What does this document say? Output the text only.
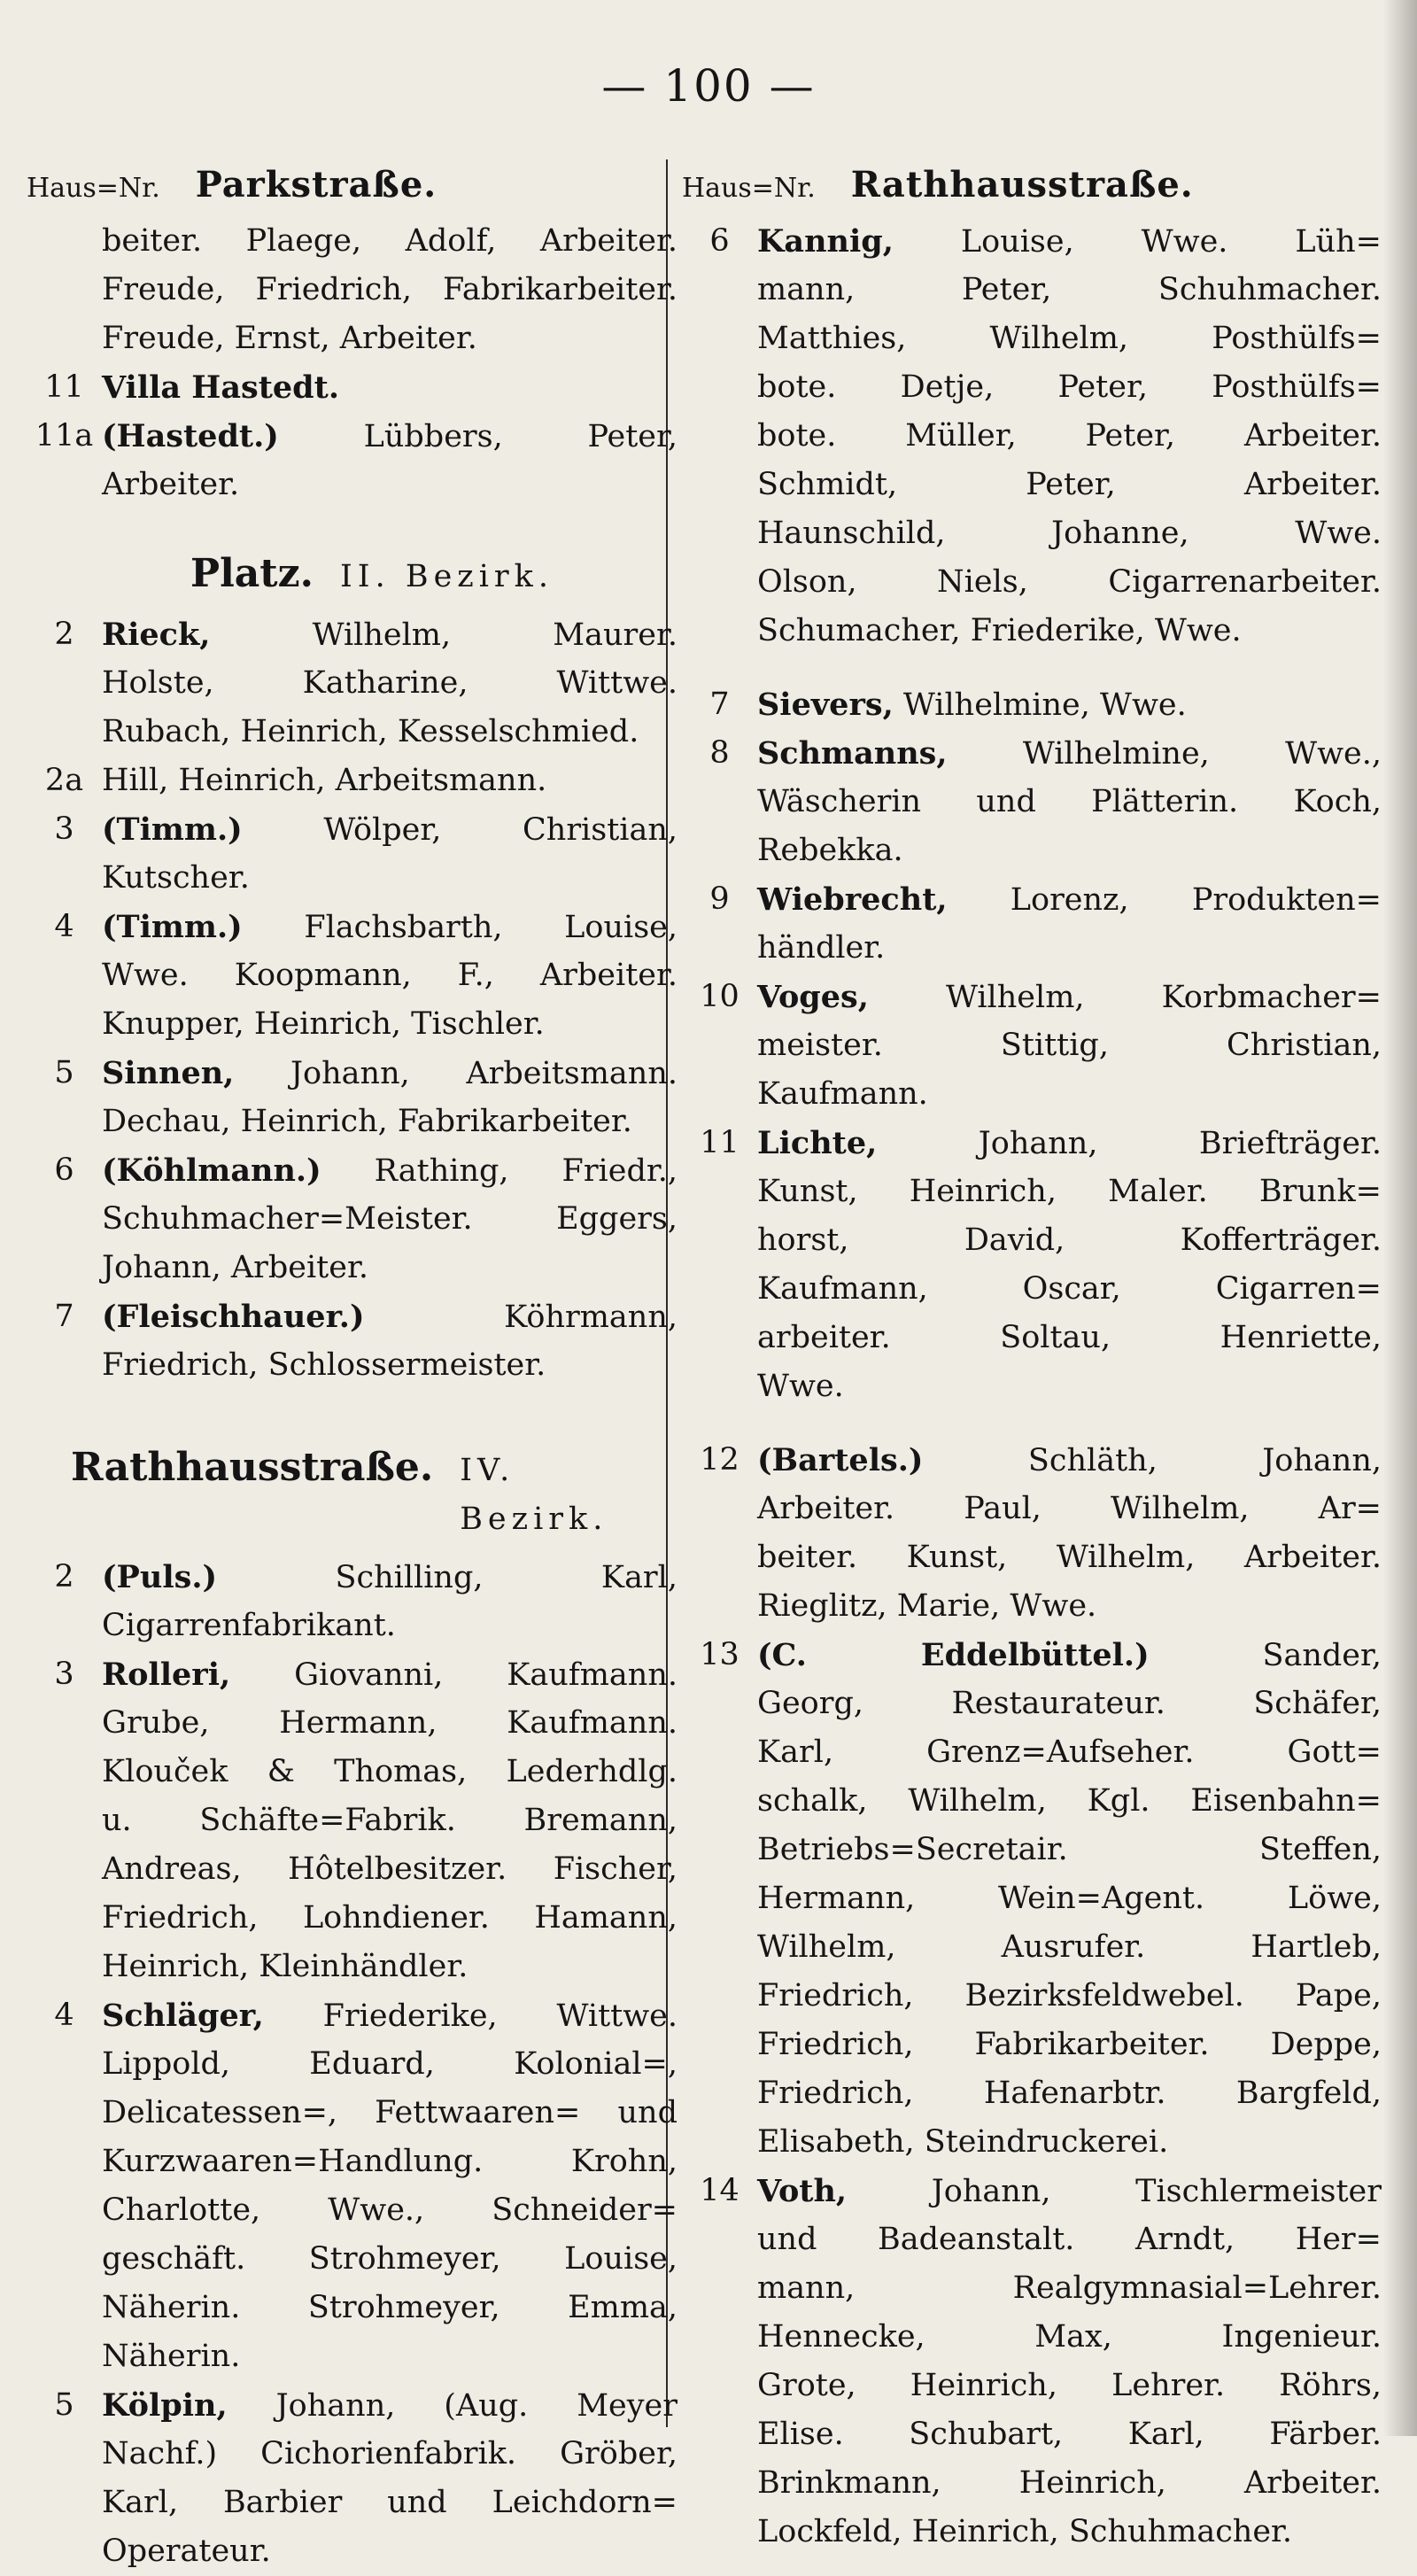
— 100 —
Haus=Nr. Parkstraße.
beiter. Plaege, Adolf, Arbeiter.
Freude, Friedrich, Fabrikarbeiter.
Freude, Ernst, Arbeiter.
11 Villa Hastedt.
11a (Hastedt.) Lübbers, Peter,
Arbeiter.
Platz. II. Bezirk.
2 Rieck, Wilhelm, Maurer.
Holste, Katharine, Wittwe.
Rubach, Heinrich, Kesselschmied.
2a Hill, Heinrich, Arbeitsmann.
3 (Timm.) Wölper, Christian,
Kutscher.
4 (Timm.) Flachsbarth, Louise,
Wwe. Koopmann, F., Arbeiter.
Knupper, Heinrich, Tischler.
5 Sinnen, Johann, Arbeitsmann.
Dechau, Heinrich, Fabrikarbeiter.
6 (Köhlmann.) Rathing, Friedr.,
Schuhmacher=Meister. Eggers,
Johann, Arbeiter.
7 (Fleischhauer.) Köhrmann,
Friedrich, Schlossermeister.
Rathhausstraße. IV. Bezirk.
2 (Puls.) Schilling, Karl,
Cigarrenfabrikant.
3 Rolleri, Giovanni, Kaufmann.
Grube, Hermann, Kaufmann.
Klouček & Thomas, Lederhdlg.
u. Schäfte=Fabrik. Bremann,
Andreas, Hôtelbesitzer. Fischer,
Friedrich, Lohndiener. Hamann,
Heinrich, Kleinhändler.
4 Schläger, Friederike, Wittwe.
Lippold, Eduard, Kolonial=,
Delicatessen=, Fettwaaren= und
Kurzwaaren=Handlung. Krohn,
Charlotte, Wwe., Schneider=
geschäft. Strohmeyer, Louise,
Näherin. Strohmeyer, Emma,
Näherin.
5 Kölpin, Johann, (Aug. Meyer
Nachf.) Cichorienfabrik. Gröber,
Karl, Barbier und Leichdorn=
Operateur.
Haus=Nr. Rathhausstraße.
6 Kannig, Louise, Wwe. Lüh=
mann, Peter, Schuhmacher.
Matthies, Wilhelm, Posthülfs=
bote. Detje, Peter, Posthülfs=
bote. Müller, Peter, Arbeiter.
Schmidt, Peter, Arbeiter.
Haunschild, Johanne, Wwe.
Olson, Niels, Cigarrenarbeiter.
Schumacher, Friederike, Wwe.
7 Sievers, Wilhelmine, Wwe.
8 Schmanns, Wilhelmine, Wwe.,
Wäscherin und Plätterin. Koch,
Rebekka.
9 Wiebrecht, Lorenz, Produkten=
händler.
10 Voges, Wilhelm, Korbmacher=
meister. Stittig, Christian,
Kaufmann.
11 Lichte, Johann, Briefträger.
Kunst, Heinrich, Maler. Brunk=
horst, David, Kofferträger.
Kaufmann, Oscar, Cigarren=
arbeiter. Soltau, Henriette,
Wwe.
12 (Bartels.) Schläth, Johann,
Arbeiter. Paul, Wilhelm, Ar=
beiter. Kunst, Wilhelm, Arbeiter.
Rieglitz, Marie, Wwe.
13 (C. Eddelbüttel.) Sander,
Georg, Restaurateur. Schäfer,
Karl, Grenz=Aufseher. Gott=
schalk, Wilhelm, Kgl. Eisenbahn=
Betriebs=Secretair. Steffen,
Hermann, Wein=Agent. Löwe,
Wilhelm, Ausrufer. Hartleb,
Friedrich, Bezirksfeldwebel. Pape,
Friedrich, Fabrikarbeiter. Deppe,
Friedrich, Hafenarbtr. Bargfeld,
Elisabeth, Steindruckerei.
14 Voth, Johann, Tischlermeister
und Badeanstalt. Arndt, Her=
mann, Realgymnasial=Lehrer.
Hennecke, Max, Ingenieur.
Grote, Heinrich, Lehrer. Röhrs,
Elise. Schubart, Karl, Färber.
Brinkmann, Heinrich, Arbeiter.
Lockfeld, Heinrich, Schuhmacher.
